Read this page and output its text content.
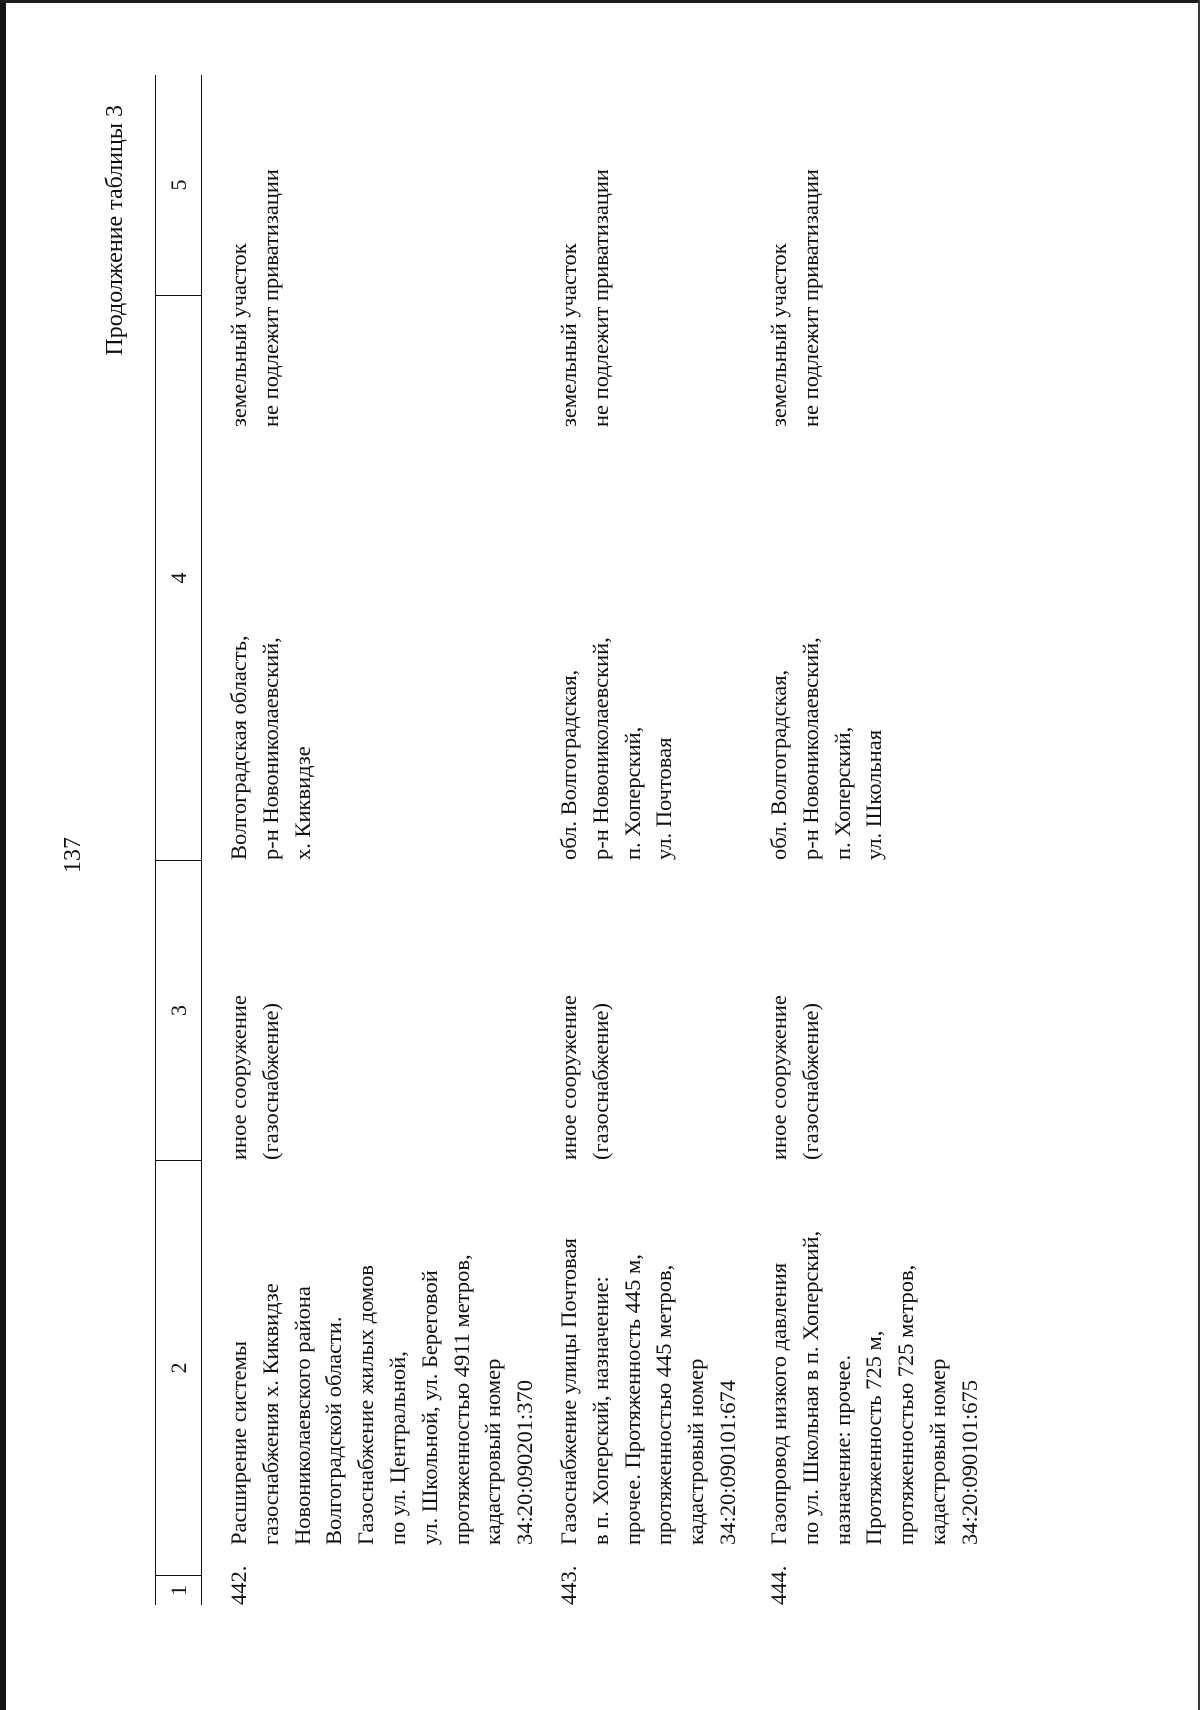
137
Продолжение таблицы 3
1
2
3
4
5
442.
Расширение системы
газоснабжения х. Киквидзе
Новониколаевского района
Волгоградской области.
Газоснабжение жилых домов
по ул. Центральной,
ул. Школьной, ул. Береговой
протяженностью 4911 метров,
кадастровый номер
34:20:090201:370
иное сооружение
(газоснабжение)
Волгоградская область,
р-н Новониколаевский,
х. Киквидзе
земельный участок
не подлежит приватизации
443.
Газоснабжение улицы Почтовая
в п. Хоперский, назначение:
прочее. Протяженность 445 м,
протяженностью 445 метров,
кадастровый номер
34:20:090101:674
иное сооружение
(газоснабжение)
обл. Волгоградская,
р-н Новониколаевский,
п. Хоперский,
ул. Почтовая
земельный участок
не подлежит приватизации
444.
Газопровод низкого давления
по ул. Школьная в п. Хоперский,
назначение: прочее.
Протяженность 725 м,
протяженностью 725 метров,
кадастровый номер
34:20:090101:675
иное сооружение
(газоснабжение)
обл. Волгоградская,
р-н Новониколаевский,
п. Хоперский,
ул. Школьная
земельный участок
не подлежит приватизации
